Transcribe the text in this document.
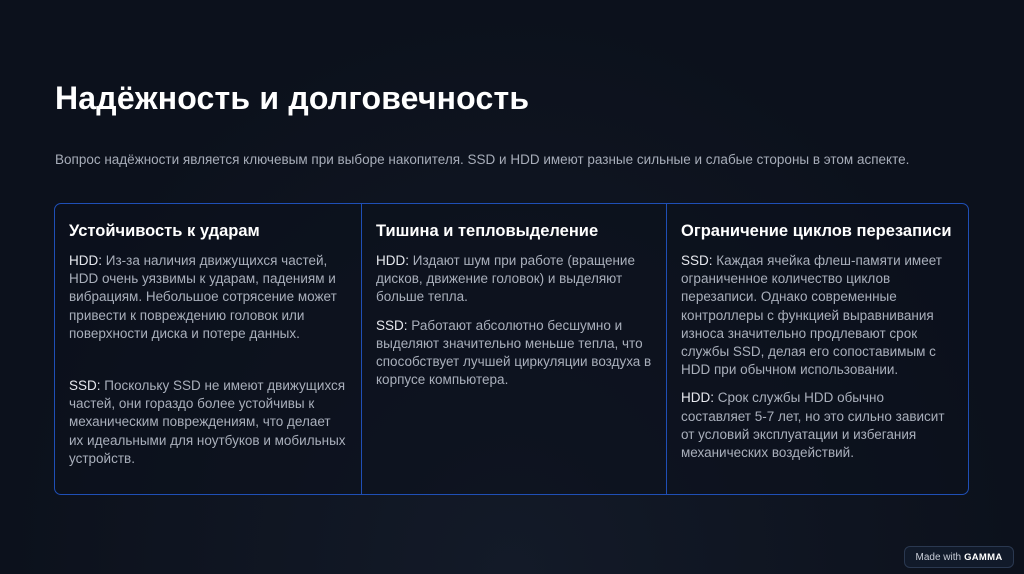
Надёжность и долговечность

Вопрос надёжности является ключевым при выборе накопителя. SSD и HDD имеют разные сильные и слабые стороны в этом аспекте.

Устойчивость к ударам

HDD: Из-за наличия движущихся частей, HDD очень уязвимы к ударам, падениям и вибрациям. Небольшое сотрясение может привести к повреждению головок или поверхности диска и потере данных.

SSD: Поскольку SSD не имеют движущихся частей, они гораздо более устойчивы к механическим повреждениям, что делает их идеальными для ноутбуков и мобильных устройств.

Тишина и тепловыделение

HDD: Издают шум при работе (вращение дисков, движение головок) и выделяют больше тепла.

SSD: Работают абсолютно бесшумно и выделяют значительно меньше тепла, что способствует лучшей циркуляции воздуха в корпусе компьютера.

Ограничение циклов перезаписи

SSD: Каждая ячейка флеш-памяти имеет ограниченное количество циклов перезаписи. Однако современные контроллеры с функцией выравнивания износа значительно продлевают срок службы SSD, делая его сопоставимым с HDD при обычном использовании.

HDD: Срок службы HDD обычно составляет 5-7 лет, но это сильно зависит от условий эксплуатации и избегания механических воздействий.

Made with GAMMA
